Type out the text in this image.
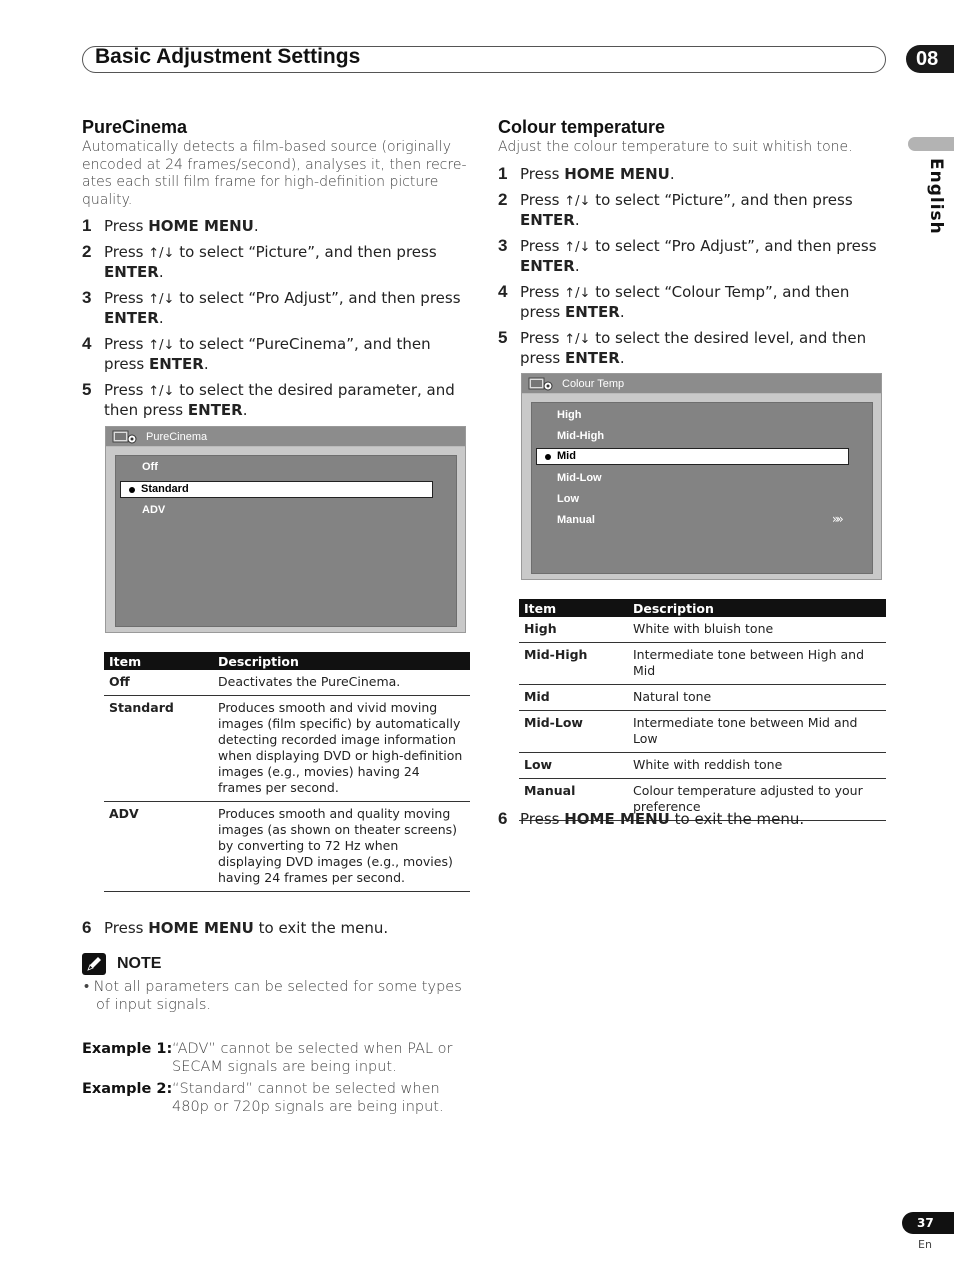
Basic Adjustment Settings	08
English
PureCinema

Automatically detects a film-based source (originally encoded at 24 frames/second), analyses it, then recre-ates each still film frame for high-definition picture quality.

1 Press HOME MENU.
2 Press ↑/↓ to select “Picture”, and then press ENTER.
3 Press ↑/↓ to select “Pro Adjust”, and then press ENTER.
4 Press ↑/↓ to select “PureCinema”, and then press ENTER.
5 Press ↑/↓ to select the desired parameter, and then press ENTER.
PureCinema
Off
Standard
ADV
Item	Description
Off	Deactivates the PureCinema.
Standard	Produces smooth and vivid moving images (film specific) by automatically detecting recorded image information when displaying DVD or high-definition images (e.g., movies) having 24 frames per second.
ADV	Produces smooth and quality moving images (as shown on theater screens) by converting to 72 Hz when displaying DVD images (e.g., movies) having 24 frames per second.
6 Press HOME MENU to exit the menu.
NOTE
• Not all parameters can be selected for some types of input signals.
Example 1: “ADV” cannot be selected when PAL or SECAM signals are being input.
Example 2: “Standard” cannot be selected when 480p or 720p signals are being input.
Colour temperature

Adjust the colour temperature to suit whitish tone.

1 Press HOME MENU.
2 Press ↑/↓ to select “Picture”, and then press ENTER.
3 Press ↑/↓ to select “Pro Adjust”, and then press ENTER.
4 Press ↑/↓ to select “Colour Temp”, and then press ENTER.
5 Press ↑/↓ to select the desired level, and then press ENTER.
Colour Temp
High
Mid-High
Mid
Mid-Low
Low
Manual	»»
Item	Description
High	White with bluish tone
Mid-High	Intermediate tone between High and Mid
Mid	Natural tone
Mid-Low	Intermediate tone between Mid and Low
Low	White with reddish tone
Manual	Colour temperature adjusted to your preference
6 Press HOME MENU to exit the menu.
37
En
